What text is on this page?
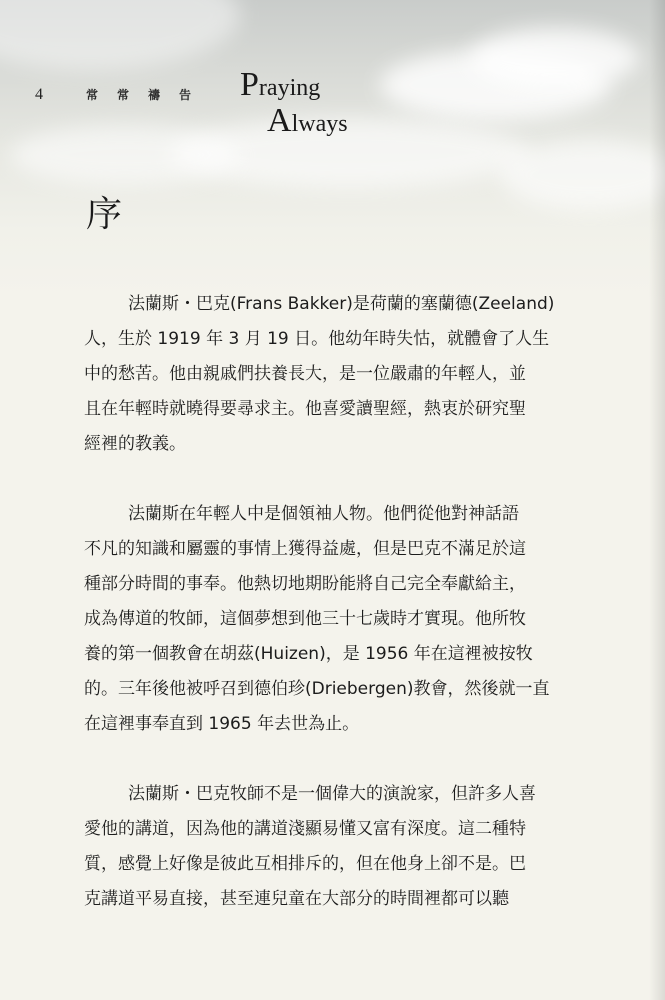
4	常常禱告 Praying
Always
序
法蘭斯・巴克(Frans Bakker)是荷蘭的塞蘭德(Zeeland)
人，生於 1919 年 3 月 19 日。他幼年時失怙，就體會了人生
中的愁苦。他由親戚們扶養長大，是一位嚴肅的年輕人，並
且在年輕時就曉得要尋求主。他喜愛讀聖經，熱衷於研究聖
經裡的教義。
法蘭斯在年輕人中是個領袖人物。他們從他對神話語
不凡的知識和屬靈的事情上獲得益處，但是巴克不滿足於這
種部分時間的事奉。他熱切地期盼能將自己完全奉獻給主，
成為傳道的牧師，這個夢想到他三十七歲時才實現。他所牧
養的第一個教會在胡茲(Huizen)，是 1956 年在這裡被按牧
的。三年後他被呼召到德伯珍(Driebergen)教會，然後就一直
在這裡事奉直到 1965 年去世為止。
法蘭斯・巴克牧師不是一個偉大的演說家，但許多人喜
愛他的講道，因為他的講道淺顯易懂又富有深度。這二種特
質，感覺上好像是彼此互相排斥的，但在他身上卻不是。巴
克講道平易直接，甚至連兒童在大部分的時間裡都可以聽
